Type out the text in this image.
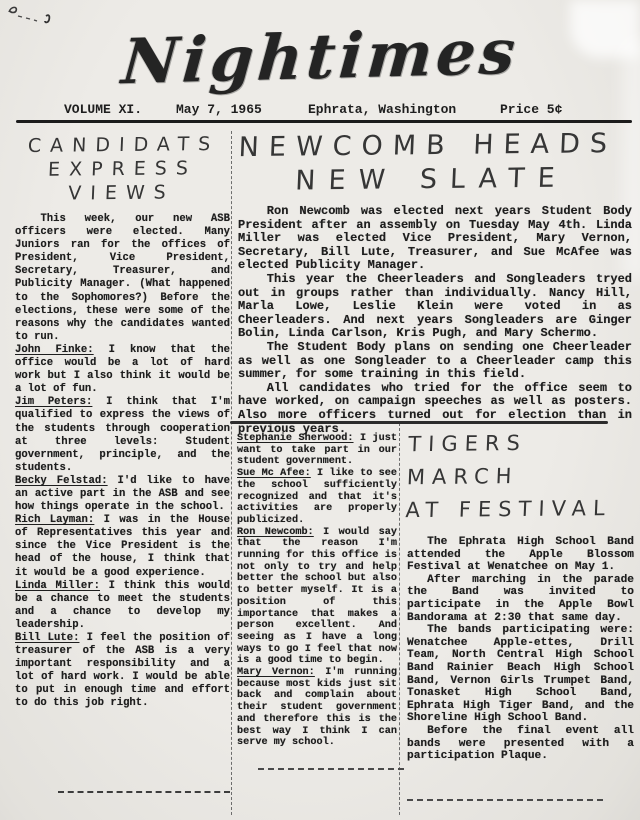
Nightimes
VOLUME XI.	May 7, 1965	Ephrata, Washington	Price 5¢
CANDIDATS
EXPRESS
VIEWS

This week, our new ASB officers were elected. Many Juniors ran for the offices of President, Vice President, Secretary, Treasurer, and Publicity Manager. (What happened to the Sophomores?) Before the elections, these were some of the reasons why the candidates wanted to run.

John Finke: I know that the office would be a lot of hard work but I also think it would be a lot of fun.

Jim Peters: I think that I'm qualified to express the views of the students through cooperation at three levels: Student government, principle, and the students.

Becky Felstad: I'd like to have an active part in the ASB and see how things operate in the school.

Rich Layman: I was in the House of Representatives this year and since the Vice President is the head of the house, I think that it would be a good experience.

Linda Miller: I think this would be a chance to meet the students and a chance to develop my leadership.

Bill Lute: I feel the position of treasurer of the ASB is a very important responsibility and a lot of hard work. I would be able to put in enough time and effort to do this job right.

NEWCOMB HEADS
NEW SLATE

Ron Newcomb was elected next years Student Body President after an assembly on Tuesday May 4th. Linda Miller was elected Vice President, Mary Vernon, Secretary, Bill Lute, Treasurer, and Sue McAfee was elected Publicity Manager.

This year the Cheerleaders and Songleaders tryed out in groups rather than individually. Nancy Hill, Marla Lowe, Leslie Klein were voted in as Cheerleaders. And next years Songleaders are Ginger Bolin, Linda Carlson, Kris Pugh, and Mary Schermo.

The Student Body plans on sending one Cheerleader as well as one Songleader to a Cheerleader camp this summer, for some training in this field.

All candidates who tried for the office seem to have worked, on campaign speeches as well as posters. Also more officers turned out for election than in previous years.

Stephanie Sherwood: I just want to take part in our student government.

Sue Mc Afee: I like to see the school sufficiently recognized and that it's activities are properly publicized.

Ron Newcomb: I would say that the reason I'm running for this office is not only to try and help better the school but also to better myself. It is a position of this importance that makes a person excellent. And seeing as I have a long ways to go I feel that now is a good time to begin.

Mary Vernon: I'm running because most kids just sit back and complain about their student government and therefore this is the best way I think I can serve my school.

TIGERS MARCH
AT FESTIVAL

The Ephrata High School Band attended the Apple Blossom Festival at Wenatchee on May 1.

After marching in the parade the Band was invited to participate in the Apple Bowl Bandorama at 2:30 that same day.

The bands participating were: Wenatchee Apple-ettes, Drill Team, North Central High School Band Rainier Beach High School Band, Vernon Girls Trumpet Band, Tonasket High School Band, Ephrata High Tiger Band, and the Shoreline High School Band.

Before the final event all bands were presented with a participation Plaque.
